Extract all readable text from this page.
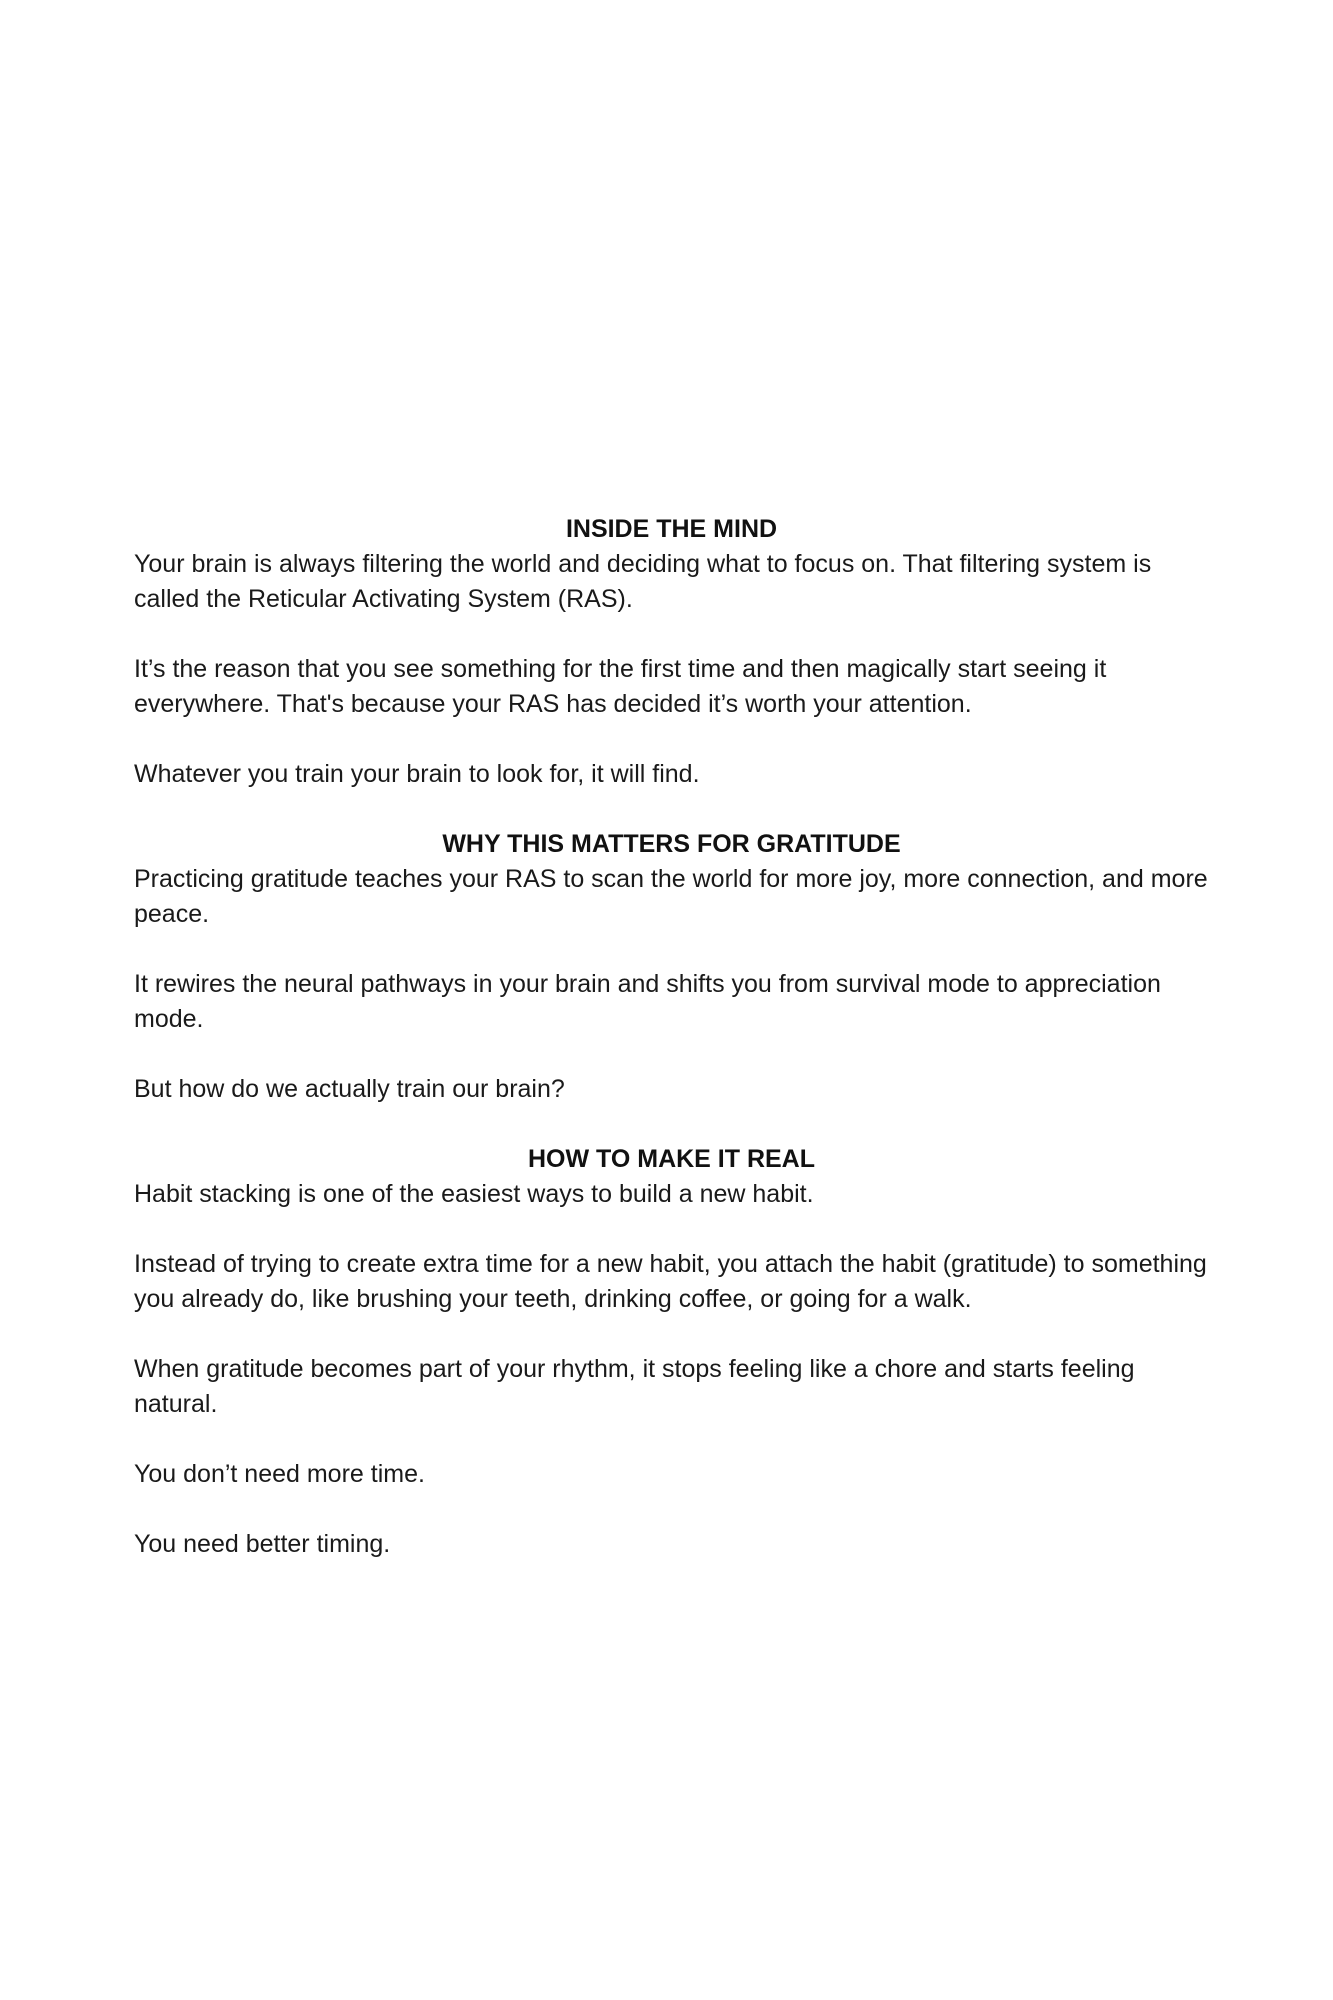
INSIDE THE MIND

Your brain is always filtering the world and deciding what to focus on. That filtering system is called the Reticular Activating System (RAS).

It’s the reason that you see something for the first time and then magically start seeing it everywhere. That's because your RAS has decided it’s worth your attention.

Whatever you train your brain to look for, it will find.

WHY THIS MATTERS FOR GRATITUDE

Practicing gratitude teaches your RAS to scan the world for more joy, more connection, and more peace.

It rewires the neural pathways in your brain and shifts you from survival mode to appreciation mode.

But how do we actually train our brain?

HOW TO MAKE IT REAL

Habit stacking is one of the easiest ways to build a new habit.

Instead of trying to create extra time for a new habit, you attach the habit (gratitude) to something you already do, like brushing your teeth, drinking coffee, or going for a walk.

When gratitude becomes part of your rhythm, it stops feeling like a chore and starts feeling natural.

You don’t need more time.

You need better timing.
